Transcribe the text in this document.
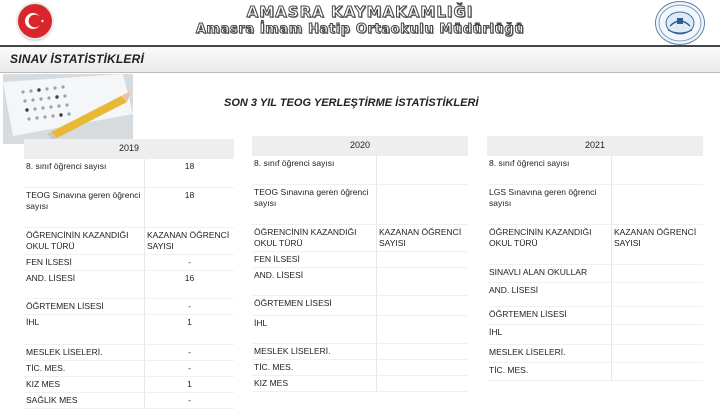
AMASRA KAYMAKAMLIĞI
Amasra İmam Hatip Ortaokulu Müdürlüğü
SINAV İSTATİSTİKLERİ
SON 3 YIL TEOG YERLEŞTİRME İSTATİSTİKLERİ
2019	
8. sınıf öğrenci sayısı	18
TEOG Sınavına geren öğrenci sayısı	18
ÖĞRENCİNİN KAZANDIĞI OKUL TÜRÜ	KAZANAN ÖĞRENCİ SAYISI
FEN İLSESİ	-
AND. LİSESİ	16
ÖĞRTEMEN LİSESİ	-
İHL	1
MESLEK LİSELERİ.	-
TİC. MES.	-
KIZ MES	1
SAĞLIK MES	-
2020	
8. sınıf öğrenci sayısı	
TEOG Sınavına geren öğrenci sayısı	
ÖĞRENCİNİN KAZANDIĞI OKUL TÜRÜ	KAZANAN ÖĞRENCİ SAYISI
FEN İLSESİ	
AND. LİSESİ	
ÖĞRTEMEN LİSESİ	
İHL	
MESLEK LİSELERİ.	
TİC. MES.	
KIZ MES	
2021	
8. sınıf öğrenci sayısı	
LGS Sınavına geren öğrenci sayısı	
ÖĞRENCİNİN KAZANDIĞI OKUL TÜRÜ	KAZANAN ÖĞRENCİ SAYISI
SINAVLI ALAN OKULLAR	
AND. LİSESİ	
ÖĞRTEMEN LİSESİ	
İHL	
MESLEK LİSELERİ.	
TİC. MES.	
